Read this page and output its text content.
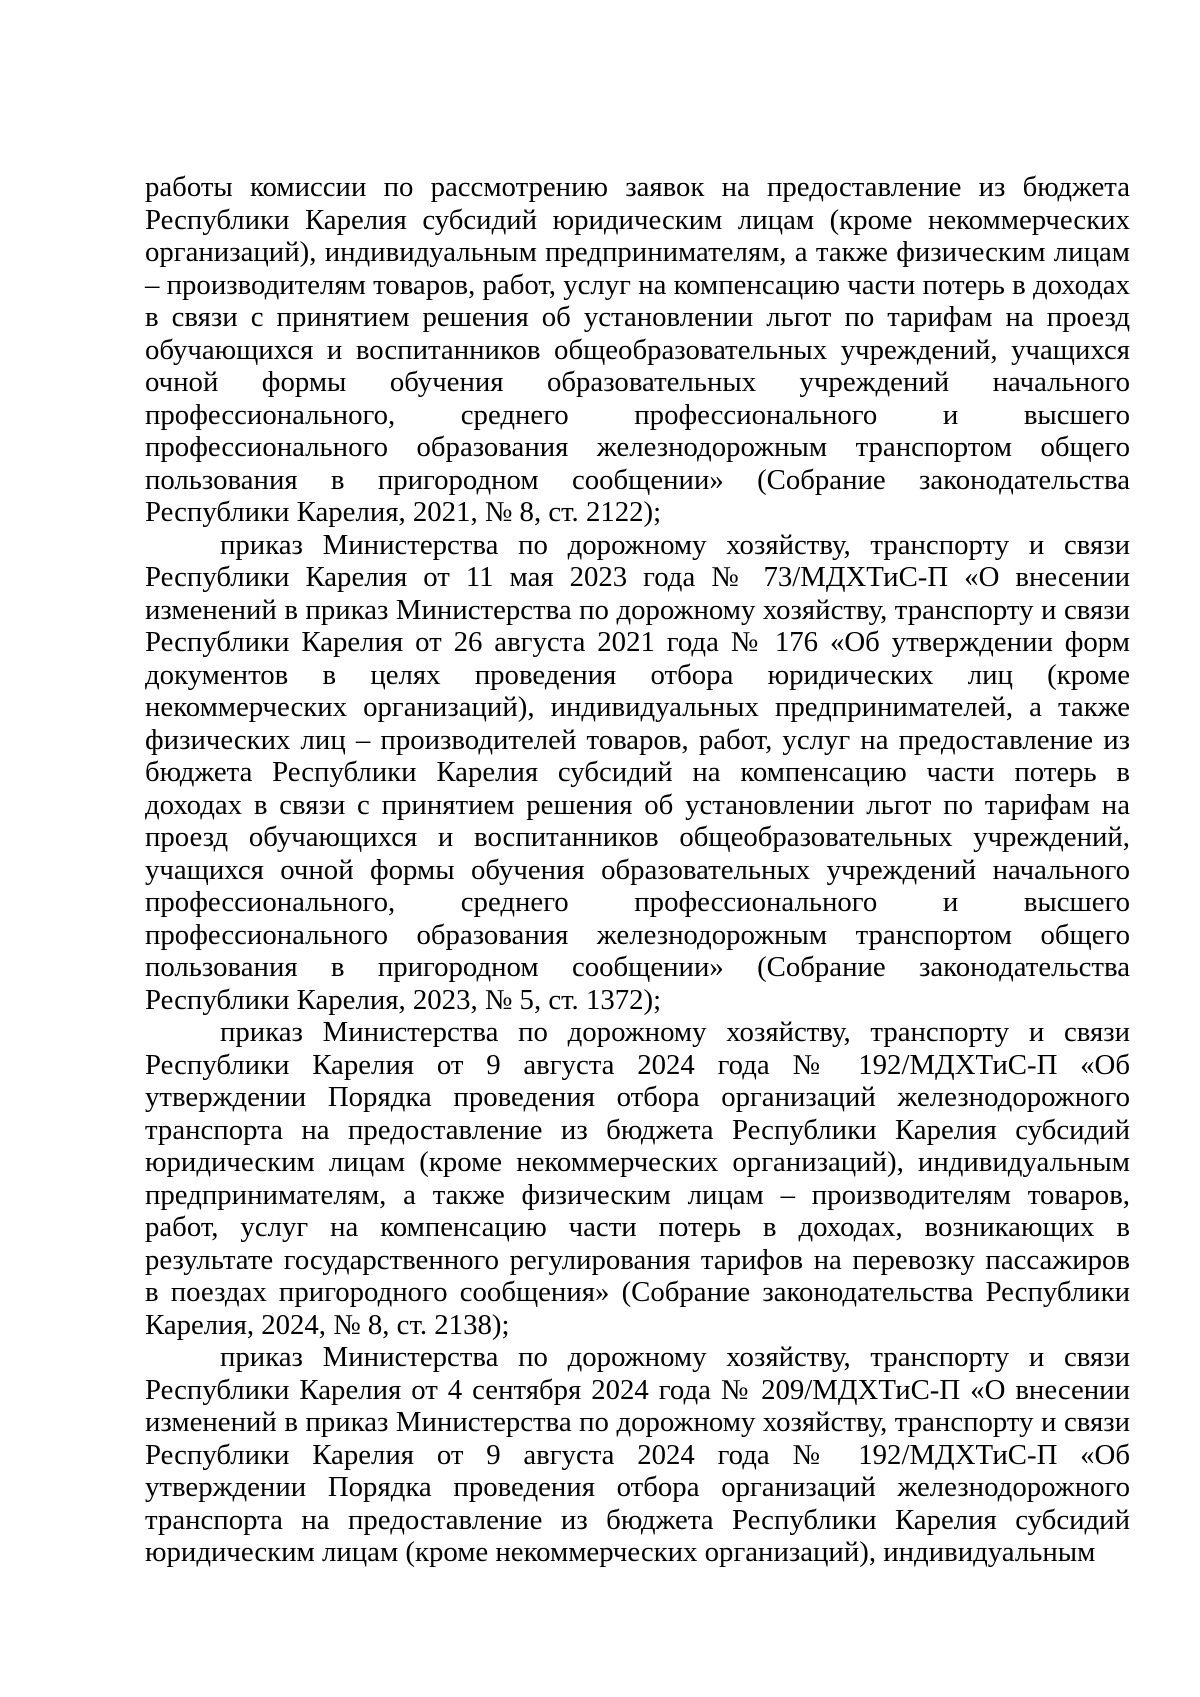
работы комиссии по рассмотрению заявок на предоставление из бюджета Республики Карелия субсидий юридическим лицам (кроме некоммерческих организаций), индивидуальным предпринимателям, а также физическим лицам – производителям товаров, работ, услуг на компенсацию части потерь в доходах в связи с принятием решения об установлении льгот по тарифам на проезд обучающихся и воспитанников общеобразовательных учреждений, учащихся очной формы обучения образовательных учреждений начального профессионального, среднего профессионального и высшего профессионального образования железнодорожным транспортом общего пользования в пригородном сообщении» (Собрание законодательства Республики Карелия, 2021, № 8, ст. 2122);

приказ Министерства по дорожному хозяйству, транспорту и связи Республики Карелия от 11 мая 2023 года № 73/МДХТиС-П «О внесении изменений в приказ Министерства по дорожному хозяйству, транспорту и связи Республики Карелия от 26 августа 2021 года № 176 «Об утверждении форм документов в целях проведения отбора юридических лиц (кроме некоммерческих организаций), индивидуальных предпринимателей, а также физических лиц – производителей товаров, работ, услуг на предоставление из бюджета Республики Карелия субсидий на компенсацию части потерь в доходах в связи с принятием решения об установлении льгот по тарифам на проезд обучающихся и воспитанников общеобразовательных учреждений, учащихся очной формы обучения образовательных учреждений начального профессионального, среднего профессионального и высшего профессионального образования железнодорожным транспортом общего пользования в пригородном сообщении» (Собрание законодательства Республики Карелия, 2023, № 5, ст. 1372);

приказ Министерства по дорожному хозяйству, транспорту и связи Республики Карелия от 9 августа 2024 года № 192/МДХТиС-П «Об утверждении Порядка проведения отбора организаций железнодорожного транспорта на предоставление из бюджета Республики Карелия субсидий юридическим лицам (кроме некоммерческих организаций), индивидуальным предпринимателям, а также физическим лицам – производителям товаров, работ, услуг на компенсацию части потерь в доходах, возникающих в результате государственного регулирования тарифов на перевозку пассажиров в поездах пригородного сообщения» (Собрание законодательства Республики Карелия, 2024, № 8, ст. 2138);

приказ Министерства по дорожному хозяйству, транспорту и связи Республики Карелия от 4 сентября 2024 года № 209/МДХТиС-П «О внесении изменений в приказ Министерства по дорожному хозяйству, транспорту и связи Республики Карелия от 9 августа 2024 года № 192/МДХТиС-П «Об утверждении Порядка проведения отбора организаций железнодорожного транспорта на предоставление из бюджета Республики Карелия субсидий юридическим лицам (кроме некоммерческих организаций), индивидуальным
